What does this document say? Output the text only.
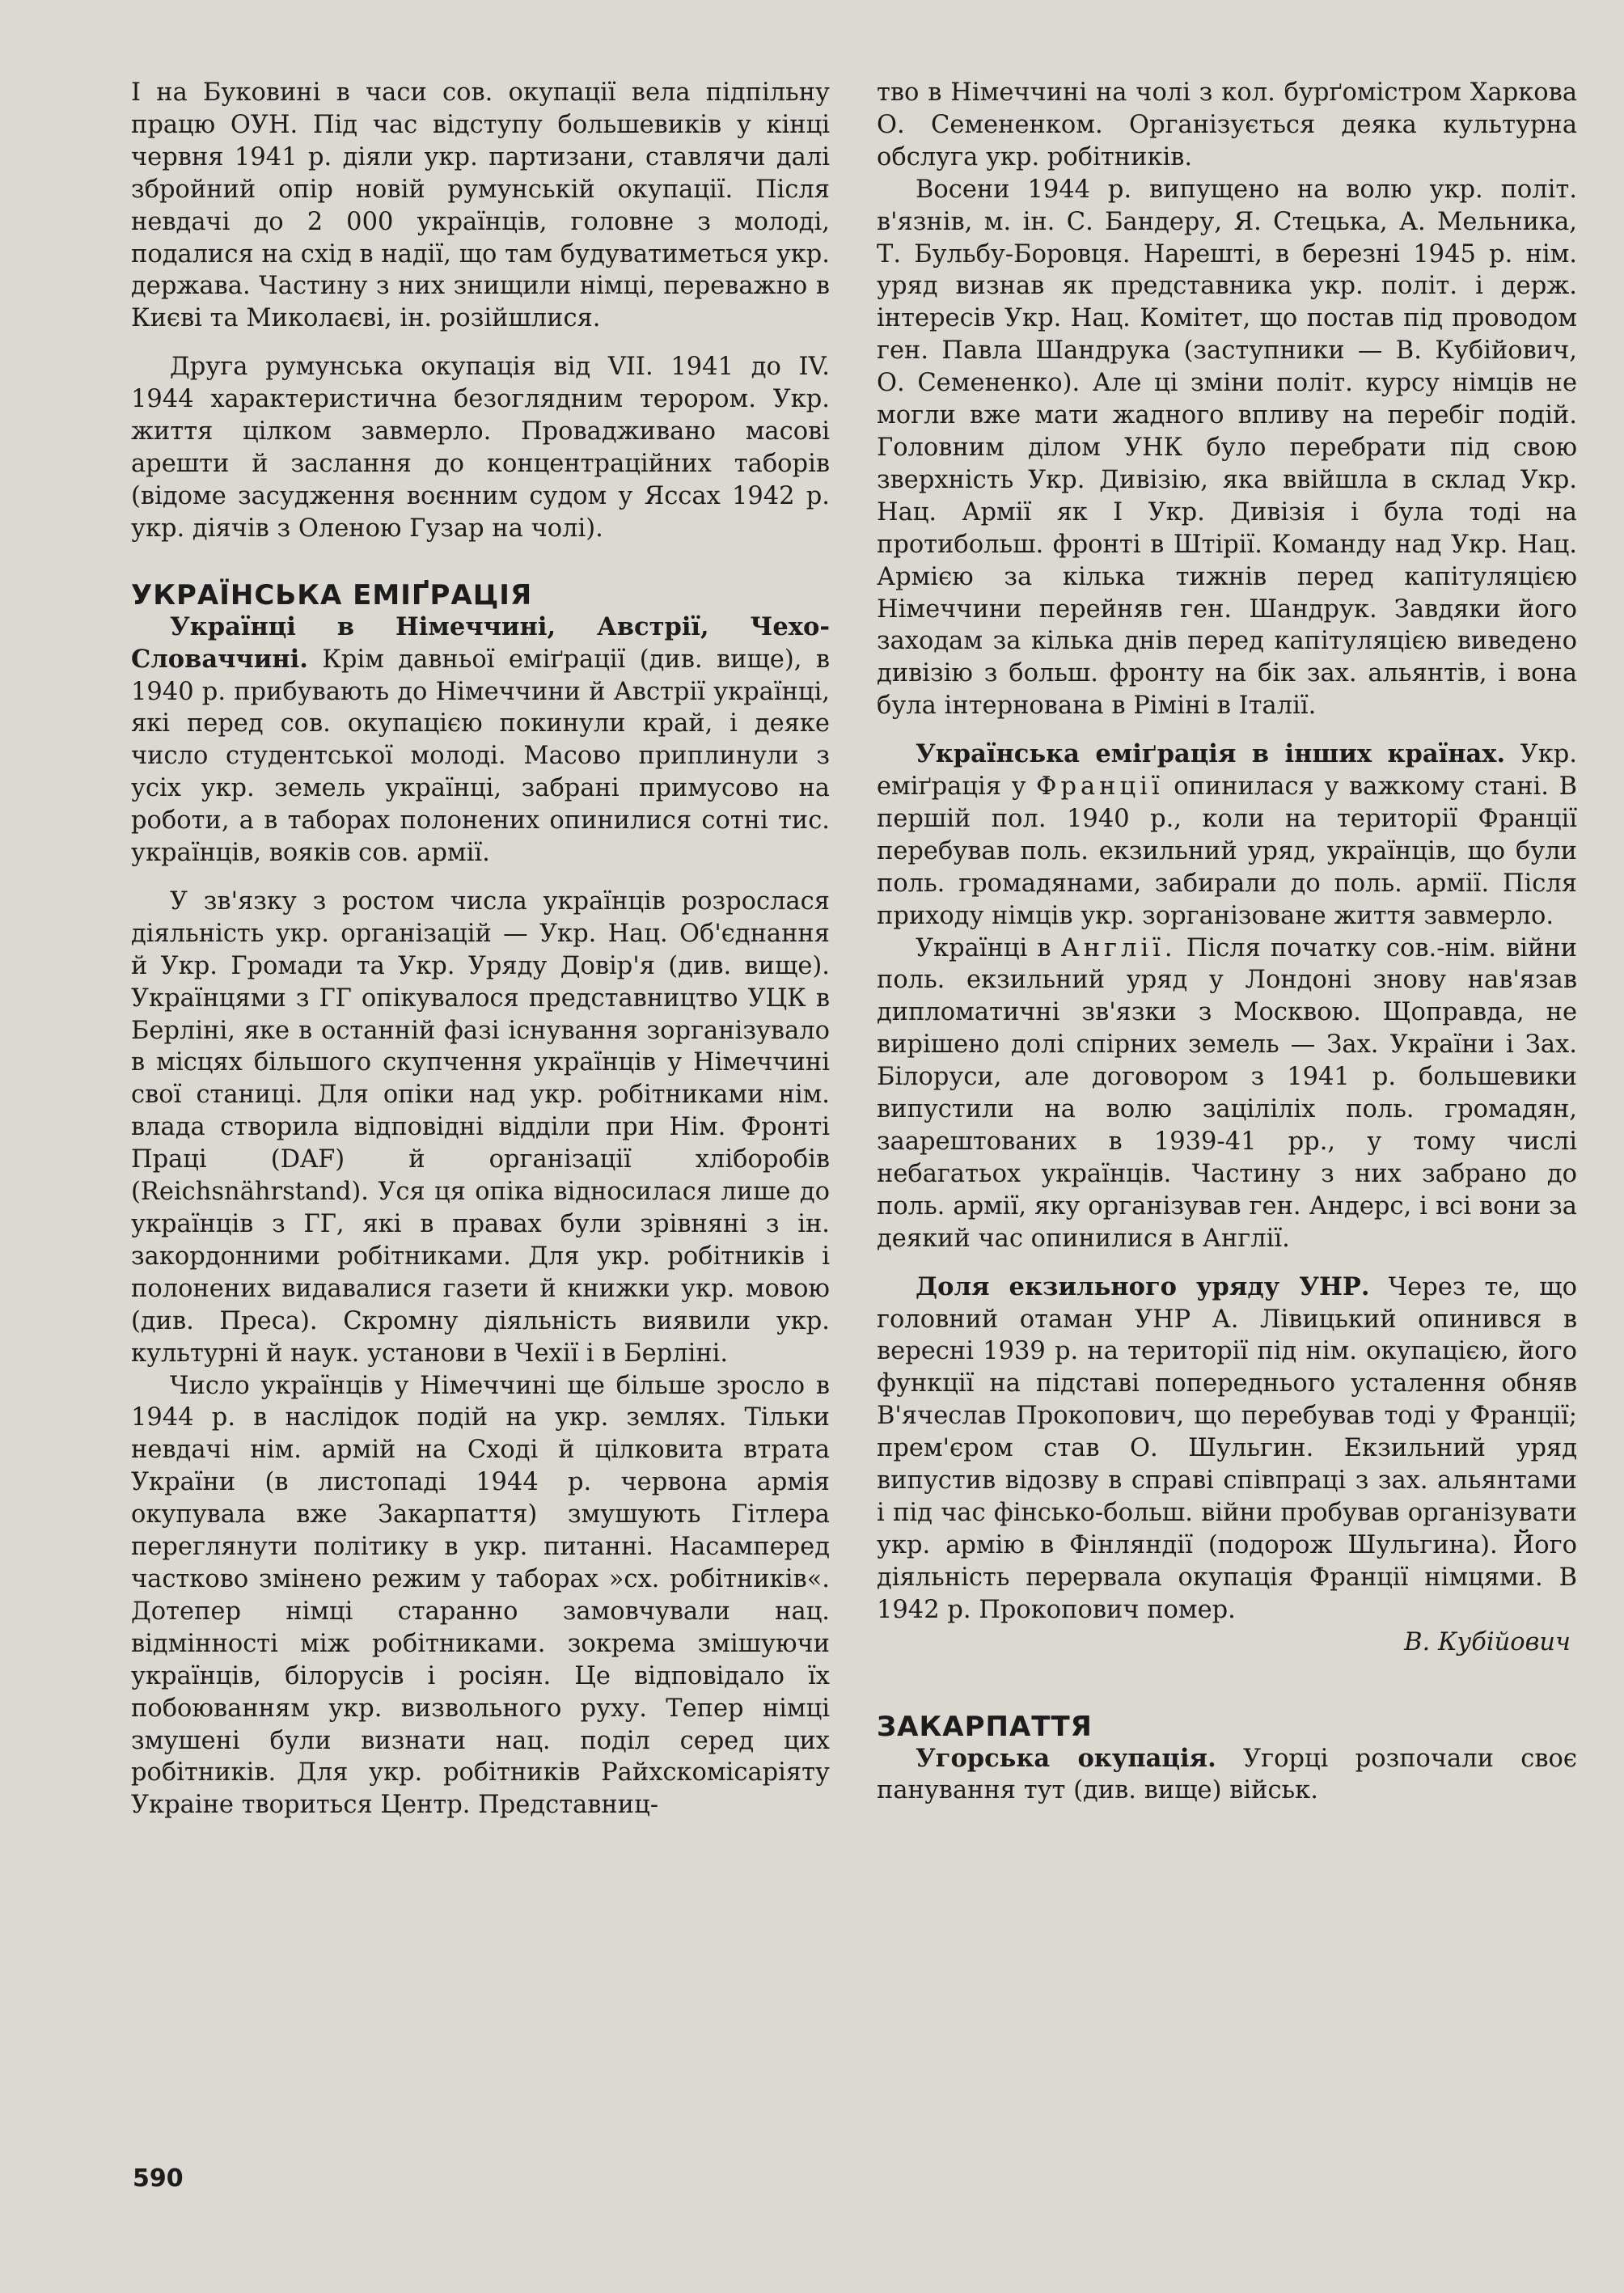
І на Буковині в часи сов. окупації вела підпільну працю ОУН. Під час відступу большевиків у кінці червня 1941 р. діяли укр. партизани, ставлячи далі збройний опір новій румунській окупації. Після невдачі до 2 000 українців, головне з молоді, подалися на схід в надії, що там будуватиметься укр. держава. Частину з них знищили німці, переважно в Києві та Миколаєві, ін. розійшлися.

Друга румунська окупація від VII. 1941 до IV. 1944 характеристична безоглядним терором. Укр. життя цілком завмерло. Провадживано масові арешти й заслання до концентраційних таборів (відоме засудження воєнним судом у Яссах 1942 р. укр. діячів з Оленою Гузар на чолі).

УКРАЇНСЬКА ЕМІҐРАЦІЯ

Українці в Німеччині, Австрії, Чехо-Словаччині. Крім давньої еміґрації (див. вище), в 1940 р. прибувають до Німеччини й Австрії українці, які перед сов. окупацією покинули край, і деяке число студентської молоді. Масово приплинули з усіх укр. земель українці, забрані примусово на роботи, а в таборах полонених опинилися сотні тис. українців, вояків сов. армії.

У зв'язку з ростом числа українців розрослася діяльність укр. організацій — Укр. Нац. Об'єднання й Укр. Громади та Укр. Уряду Довір'я (див. вище). Українцями з ГГ опікувалося представництво УЦК в Берліні, яке в останній фазі існування зорганізувало в місцях більшого скупчення українців у Німеччині свої станиці. Для опіки над укр. робітниками нім. влада створила відповідні відділи при Нім. Фронті Праці (DAF) й організації хліборобів (Reichsnährstand). Уся ця опіка відносилася лише до українців з ГГ, які в правах були зрівняні з ін. закордонними робітниками. Для укр. робітників і полонених видавалися газети й книжки укр. мовою (див. Преса). Скромну діяльність виявили укр. культурні й наук. установи в Чехії і в Берліні.

Число українців у Німеччині ще більше зросло в 1944 р. в наслідок подій на укр. землях. Тільки невдачі нім. армій на Сході й цілковита втрата України (в листопаді 1944 р. червона армія окупувала вже Закарпаття) змушують Гітлера переглянути політику в укр. питанні. Насамперед частково змінено режим у таборах »сх. робітників«. Дотепер німці старанно замовчували нац. відмінності між робітниками. зокрема змішуючи українців, білорусів і росіян. Це відповідало їх побоюванням укр. визвольного руху. Тепер німці змушені були визнати нац. поділ серед цих робітників. Для укр. робітників Райхскомісаріяту Украіне твориться Центр. Представниц-

тво в Німеччині на чолі з кол. бурґомістром Харкова О. Семененком. Організується деяка культурна обслуга укр. робітників.

Восени 1944 р. випущено на волю укр. політ. в'язнів, м. ін. С. Бандеру, Я. Стецька, А. Мельника, Т. Бульбу-Боровця. Нарешті, в березні 1945 р. нім. уряд визнав як представника укр. політ. і держ. інтересів Укр. Нац. Комітет, що постав під проводом ген. Павла Шандрука (заступники — В. Кубійович, О. Семененко). Але ці зміни політ. курсу німців не могли вже мати жадного впливу на перебіг подій. Головним ділом УНК було перебрати під свою зверхність Укр. Дивізію, яка ввійшла в склад Укр. Нац. Армії як I Укр. Дивізія і була тоді на протибольш. фронті в Штірії. Команду над Укр. Нац. Армією за кілька тижнів перед капітуляцією Німеччини перейняв ген. Шандрук. Завдяки його заходам за кілька днів перед капітуляцією виведено дивізію з больш. фронту на бік зах. альянтів, і вона була інтернована в Ріміні в Італії.

Українська еміґрація в інших країнах. Укр. еміґрація у Франції опинилася у важкому стані. В першій пол. 1940 р., коли на території Франції перебував поль. екзильний уряд, українців, що були поль. громадянами, забирали до поль. армії. Після приходу німців укр. зорганізоване життя завмерло.

Українці в Англії. Після початку сов.-нім. війни поль. екзильний уряд у Лондоні знову нав'язав дипломатичні зв'язки з Москвою. Щоправда, не вирішено долі спірних земель — Зах. України і Зах. Білоруси, але договором з 1941 р. большевики випустили на волю заціліліх поль. громадян, заарештованих в 1939-41 рр., у тому числі небагатьох українців. Частину з них забрано до поль. армії, яку організував ген. Андерс, і всі вони за деякий час опинилися в Англії.

Доля екзильного уряду УНР. Через те, що головний отаман УНР А. Лівицький опинився в вересні 1939 р. на території під нім. окупацією, його функції на підставі попереднього усталення обняв В'ячеслав Прокопович, що перебував тоді у Франції; прем'єром став О. Шульгин. Екзильний уряд випустив відозву в справі співпраці з зах. альянтами і під час фінсько-больш. війни пробував організувати укр. армію в Фінляндії (подорож Шульгина). Його діяльність перервала окупація Франції німцями. В 1942 р. Прокопович помер.

В. Кубійович

ЗАКАРПАТТЯ

Угорська окупація. Угорці розпочали своє панування тут (див. вище) військ.

590
